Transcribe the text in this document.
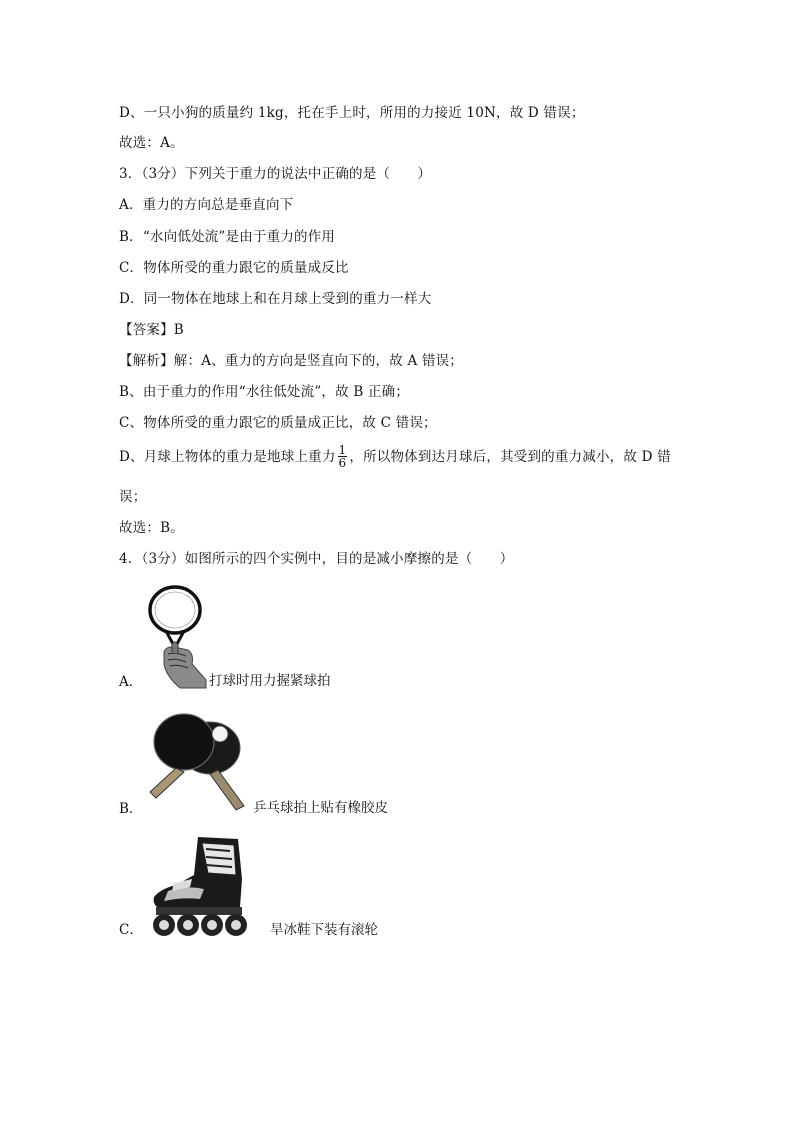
D、一只小狗的质量约 1kg，托在手上时，所用的力接近 10N，故 D 错误；
故选：A。
3．（3分）下列关于重力的说法中正确的是（　　）
A．重力的方向总是垂直向下
B．“水向低处流”是由于重力的作用
C．物体所受的重力跟它的质量成反比
D．同一物体在地球上和在月球上受到的重力一样大
【答案】B
【解析】解：A、重力的方向是竖直向下的，故 A 错误；
B、由于重力的作用“水往低处流”，故 B 正确；
C、物体所受的重力跟它的质量成正比，故 C 错误；
D、月球上物体的重力是地球上重力 $\frac{1}{6}$ ，所以物体到达月球后，其受到的重力减小，故 D 错
误；
故选：B。
4．（3分）如图所示的四个实例中，目的是减小摩擦的是（　　）
A．	打球时用力握紧球拍
B．	乒乓球拍上贴有橡胶皮
C．	旱冰鞋下装有滚轮
